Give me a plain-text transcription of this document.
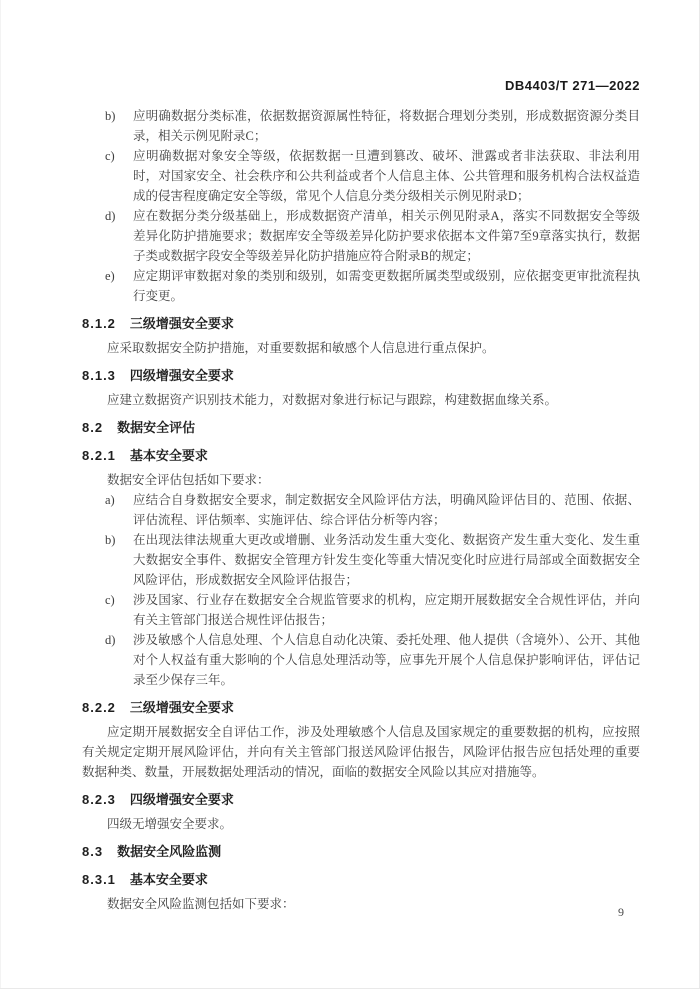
DB4403/T 271—2022
b)	应明确数据分类标准，依据数据资源属性特征，将数据合理划分类别，形成数据资源分类目录，相关示例见附录C；
c)	应明确数据对象安全等级，依据数据一旦遭到篡改、破坏、泄露或者非法获取、非法利用时，对国家安全、社会秩序和公共利益或者个人信息主体、公共管理和服务机构合法权益造成的侵害程度确定安全等级，常见个人信息分类分级相关示例见附录D；
d)	应在数据分类分级基础上，形成数据资产清单，相关示例见附录A，落实不同数据安全等级差异化防护措施要求；数据库安全等级差异化防护要求依据本文件第7至9章落实执行，数据子类或数据字段安全等级差异化防护措施应符合附录B的规定；
e)	应定期评审数据对象的类别和级别，如需变更数据所属类型或级别，应依据变更审批流程执行变更。
8.1.2 三级增强安全要求

应采取数据安全防护措施，对重要数据和敏感个人信息进行重点保护。

8.1.3 四级增强安全要求

应建立数据资产识别技术能力，对数据对象进行标记与跟踪，构建数据血缘关系。

8.2 数据安全评估
8.2.1 基本安全要求

数据安全评估包括如下要求：

a)	应结合自身数据安全要求，制定数据安全风险评估方法，明确风险评估目的、范围、依据、评估流程、评估频率、实施评估、综合评估分析等内容；
b)	在出现法律法规重大更改或增删、业务活动发生重大变化、数据资产发生重大变化、发生重大数据安全事件、数据安全管理方针发生变化等重大情况变化时应进行局部或全面数据安全风险评估，形成数据安全风险评估报告；
c)	涉及国家、行业存在数据安全合规监管要求的机构，应定期开展数据安全合规性评估，并向有关主管部门报送合规性评估报告；
d)	涉及敏感个人信息处理、个人信息自动化决策、委托处理、他人提供（含境外）、公开、其他对个人权益有重大影响的个人信息处理活动等，应事先开展个人信息保护影响评估，评估记录至少保存三年。
8.2.2 三级增强安全要求

应定期开展数据安全自评估工作，涉及处理敏感个人信息及国家规定的重要数据的机构，应按照有关规定定期开展风险评估，并向有关主管部门报送风险评估报告，风险评估报告应包括处理的重要数据种类、数量，开展数据处理活动的情况，面临的数据安全风险以其应对措施等。

8.2.3 四级增强安全要求

四级无增强安全要求。

8.3 数据安全风险监测
8.3.1 基本安全要求

数据安全风险监测包括如下要求：

9
